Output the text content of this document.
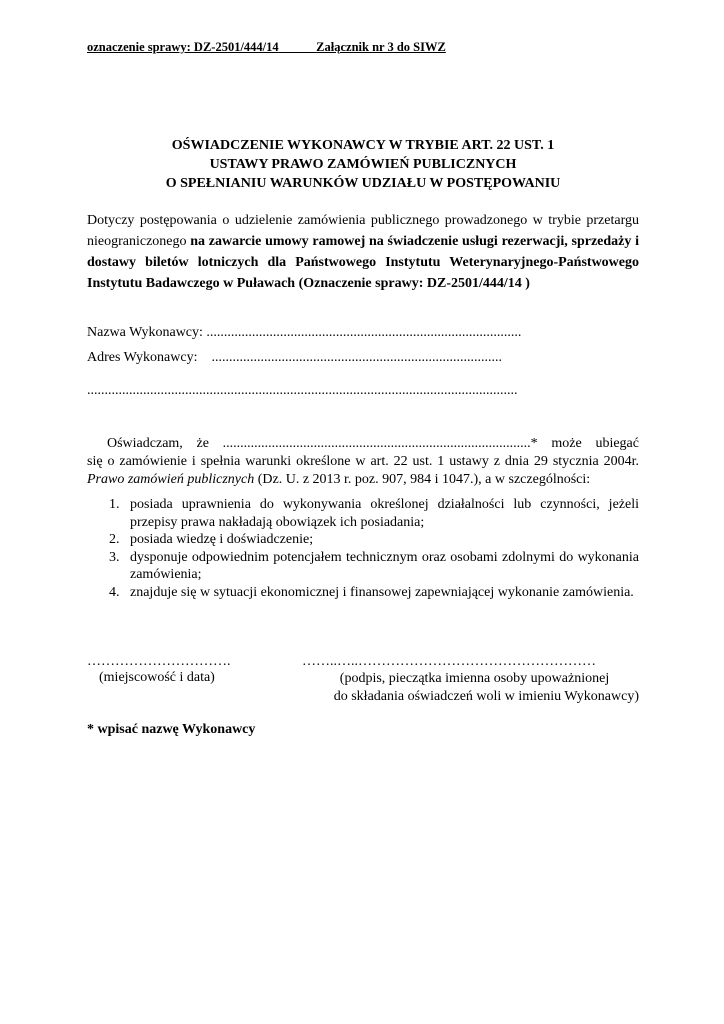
oznaczenie sprawy: DZ-2501/444/14	Załącznik nr 3 do SIWZ
OŚWIADCZENIE WYKONAWCY W TRYBIE ART. 22 UST. 1
USTAWY PRAWO ZAMÓWIEŃ PUBLICZNYCH
O SPEŁNIANIU WARUNKÓW UDZIAŁU W POSTĘPOWANIU
Dotyczy postępowania o udzielenie zamówienia publicznego prowadzonego w trybie przetargu nieograniczonego na zawarcie umowy ramowej na świadczenie usługi rezerwacji, sprzedaży i dostawy biletów lotniczych dla Państwowego Instytutu Weterynaryjnego-Państwowego Instytutu Badawczego w Puławach (Oznaczenie sprawy: DZ-2501/444/14 )
Nazwa Wykonawcy: ..........................................................................................
Adres Wykonawcy:    ...................................................................................
...........................................................................................................................
Oświadczam, że ........................................................................................* może ubiegać
się o zamówienie i spełnia warunki określone w art. 22 ust. 1 ustawy z dnia 29 stycznia 2004r.
Prawo zamówień publicznych (Dz. U. z 2013 r. poz. 907, 984 i 1047.), a w szczególności:
1. posiada uprawnienia do wykonywania określonej działalności lub czynności, jeżeli przepisy prawa nakładają obowiązek ich posiadania;
2. posiada wiedzę i doświadczenie;
3. dysponuje odpowiednim potencjałem technicznym oraz osobami zdolnymi do wykonania zamówienia;
4. znajduje się w sytuacji ekonomicznej i finansowej zapewniającej wykonanie zamówienia.
………………………….	……..…..……………………………………………
(miejscowość i data)	(podpis, pieczątka imienna osoby upoważnionej
do składania oświadczeń woli w imieniu Wykonawcy)
* wpisać nazwę Wykonawcy
